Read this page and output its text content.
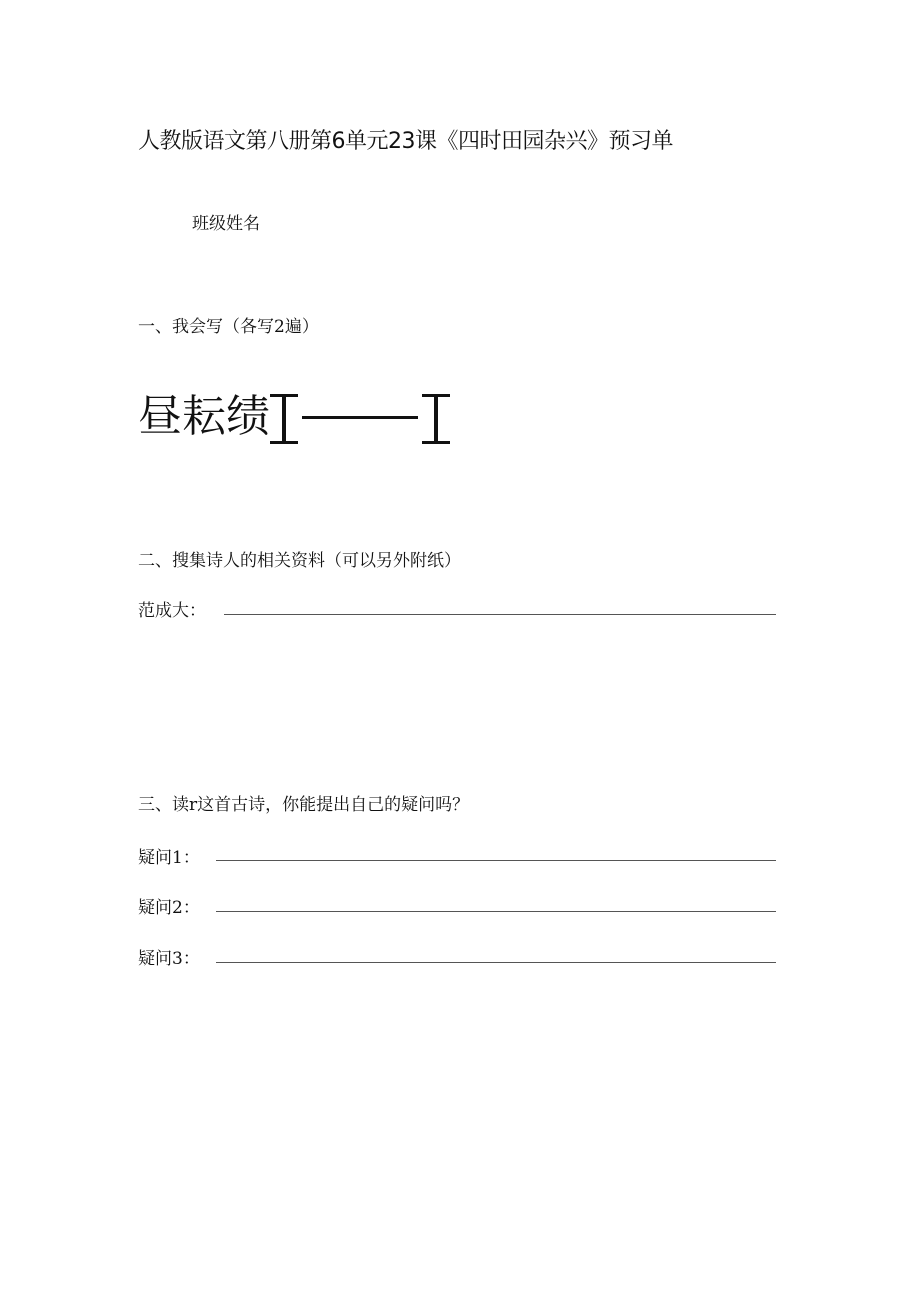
人教版语文第八册第6单元23课《四时田园杂兴》预习单
班级姓名
一、我会写（各写2遍）
昼 耘 绩
二、搜集诗人的相关资料（可以另外附纸）
范成大：
三、读r这首古诗，你能提出自己的疑问吗？
疑问1：
疑问2：
疑问3：
